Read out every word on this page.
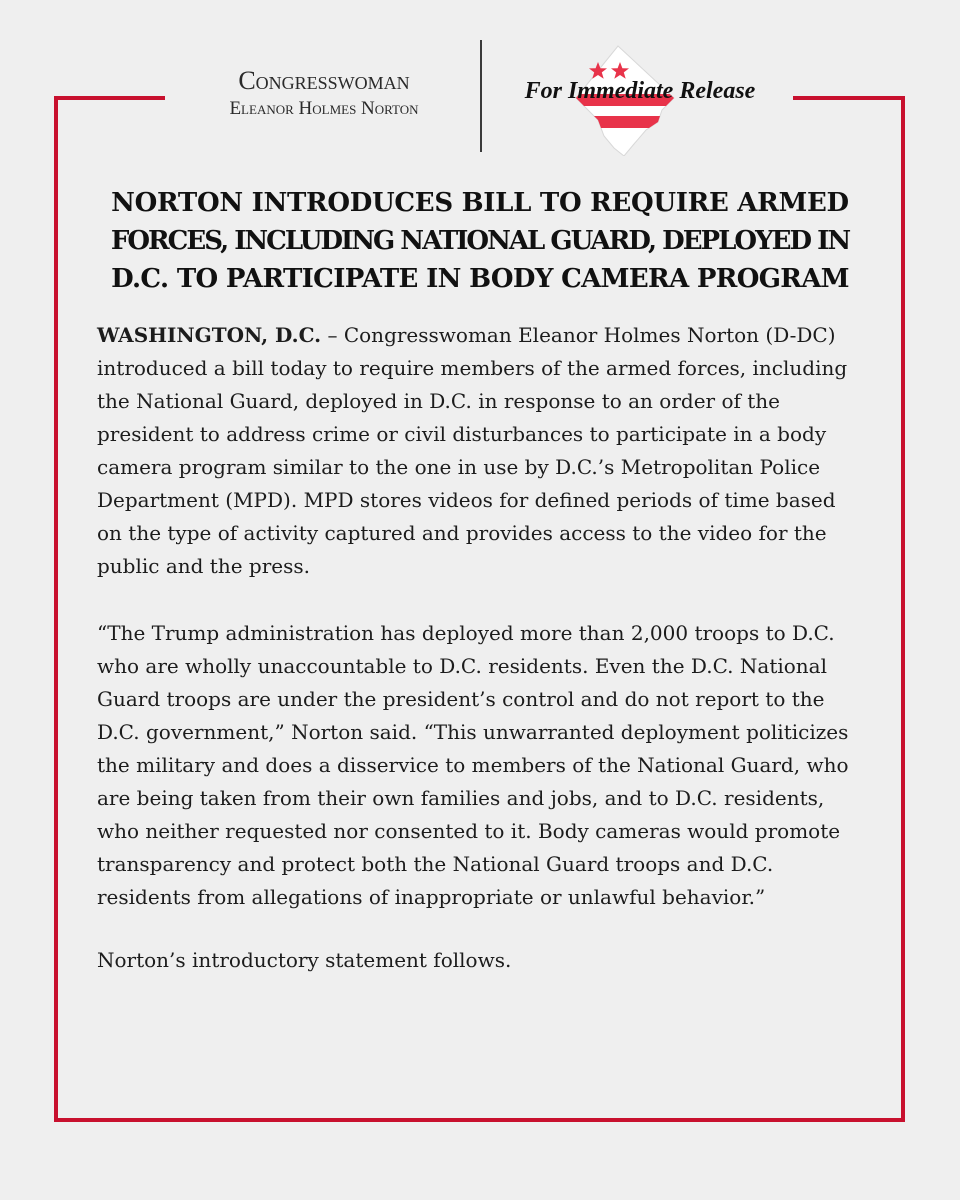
Congresswoman
Eleanor Holmes Norton
For Immediate Release
NORTON INTRODUCES BILL TO REQUIRE ARMED
FORCES, INCLUDING NATIONAL GUARD, DEPLOYED IN
D.C. TO PARTICIPATE IN BODY CAMERA PROGRAM
WASHINGTON, D.C. – Congresswoman Eleanor Holmes Norton (D-DC)
introduced a bill today to require members of the armed forces, including
the National Guard, deployed in D.C. in response to an order of the
president to address crime or civil disturbances to participate in a body
camera program similar to the one in use by D.C.’s Metropolitan Police
Department (MPD). MPD stores videos for defined periods of time based
on the type of activity captured and provides access to the video for the
public and the press.
“The Trump administration has deployed more than 2,000 troops to D.C.
who are wholly unaccountable to D.C. residents. Even the D.C. National
Guard troops are under the president’s control and do not report to the
D.C. government,” Norton said. “This unwarranted deployment politicizes
the military and does a disservice to members of the National Guard, who
are being taken from their own families and jobs, and to D.C. residents,
who neither requested nor consented to it. Body cameras would promote
transparency and protect both the National Guard troops and D.C.
residents from allegations of inappropriate or unlawful behavior.”
Norton’s introductory statement follows.
